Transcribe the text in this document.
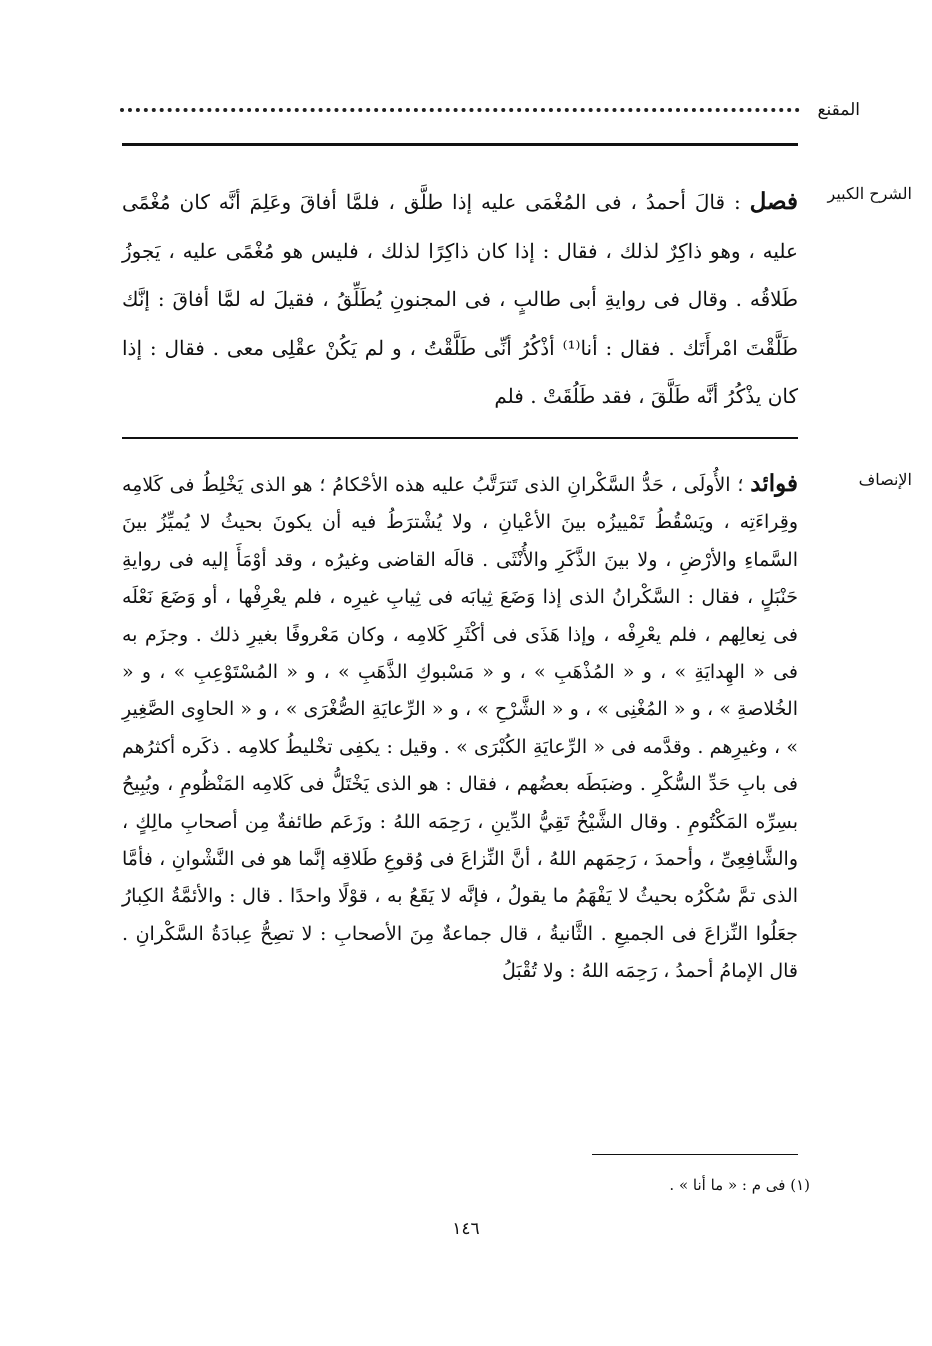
المقنع
الشرح الكبير

فصل : قالَ أحمدُ ، فى المُغْمَى عليه إذا طلَّق ، فلمَّا أفاقَ وعَلِمَ أنَّه كان مُغْمًى عليه ، وهو ذاكِرٌ لذلك ، فقال : إذا كان ذاكِرًا لذلك ، فليس هو مُغْمًى عليه ، يَجوزُ طَلاقُه . وقال فى روايةِ أبى طالبٍ ، فى المجنونِ يُطَلِّقُ ، فقيلَ له لمَّا أفاقَ : إنَّك طَلَّقْتَ امْرأَتَك . فقال : أنا⁽¹⁾ أذْكُرُ أنِّى طَلَّقْتُ ، و لم يَكُنْ عقْلِى معى . فقال : إذا كان يذْكُرُ أنَّه طَلَّقَ ، فقد طَلُقَتْ . فلم

الإنصاف

فوائد ؛ الأُولَى ، حَدُّ السَّكْرانِ الذى تَترَتَّبُ عليه هذه الأحْكامُ ؛ هو الذى يَخْلِطُ فى كَلامِه وقِراءَتِه ، ويَسْقُطُ تَمْييزُه بينَ الأعْيانِ ، ولا يُشْترَطُ فيه أن يكونَ بحيثُ لا يُميِّزُ بينَ السَّماءِ والأرْضِ ، ولا بينَ الذَّكَرِ والأُنْثَى . قالَه القاضى وغيرُه ، وقد أوْمَأَ إليه فى روايةِ حَنْبَلٍ ، فقال : السَّكْرانُ الذى إذا وَضَعَ ثِيابَه فى ثِيابِ غيرِه ، فلم يعْرِفْها ، أو وَضَعَ نَعْلَه فى نِعالِهم ، فلم يعْرِفْه ، وإذا هَذَى فى أكْثَرِ كَلامِه ، وكان مَعْروفًا بغيرِ ذلك . وجزَم به فى « الهِدايَةِ » ، و « المُذْهَبِ » ، و « مَسْبوكِ الذَّهَبِ » ، و « المُسْتَوْعِبِ » ، و « الخُلاصةِ » ، و « المُغْنِى » ، و « الشَّرْحِ » ، و « الرِّعايَةِ الصُّغْرَى » ، و « الحاوِى الصَّغِيرِ » ، وغيرِهم . وقدَّمه فى « الرِّعايَةِ الكُبْرَى » . وقيل : يكفِى تخْليطُ كلامِه . ذكَره أكثرُهم فى بابِ حَدِّ السُّكْرِ . وضبَطَه بعضُهم ، فقال : هو الذى يَخْتَلُّ فى كَلامِه المَنْظُومِ ، ويُبِيحُ بسِرِّه المَكْتُومِ . وقال الشَّيْخُ تَقِيُّ الدِّينِ ، رَحِمَه اللهُ : وزَعَم طائفةٌ مِن أصحابِ مالِكٍ ، والشَّافِعِىِّ ، وأحمدَ ، رَحِمَهم اللهُ ، أنَّ النِّزاعَ فى وُقوعِ طَلاقِه إنَّما هو فى النَّشْوانِ ، فأمَّا الذى تمَّ سُكْرُه بحيثُ لا يَفْهَمُ ما يقولُ ، فإنَّه لا يَقَعُ به ، قوْلًا واحدًا . قال : والأئمَّةُ الكِبارُ جعَلُوا النِّزاعَ فى الجميعِ . الثَّانيةُ ، قال جماعةٌ مِنَ الأصحابِ : لا تصِحُّ عِبادَةُ السَّكْرانِ . قال الإمامُ أحمدُ ، رَحِمَه اللهُ : ولا تُقْبَلُ

(١) فى م : « ما أنا » .
١٤٦
